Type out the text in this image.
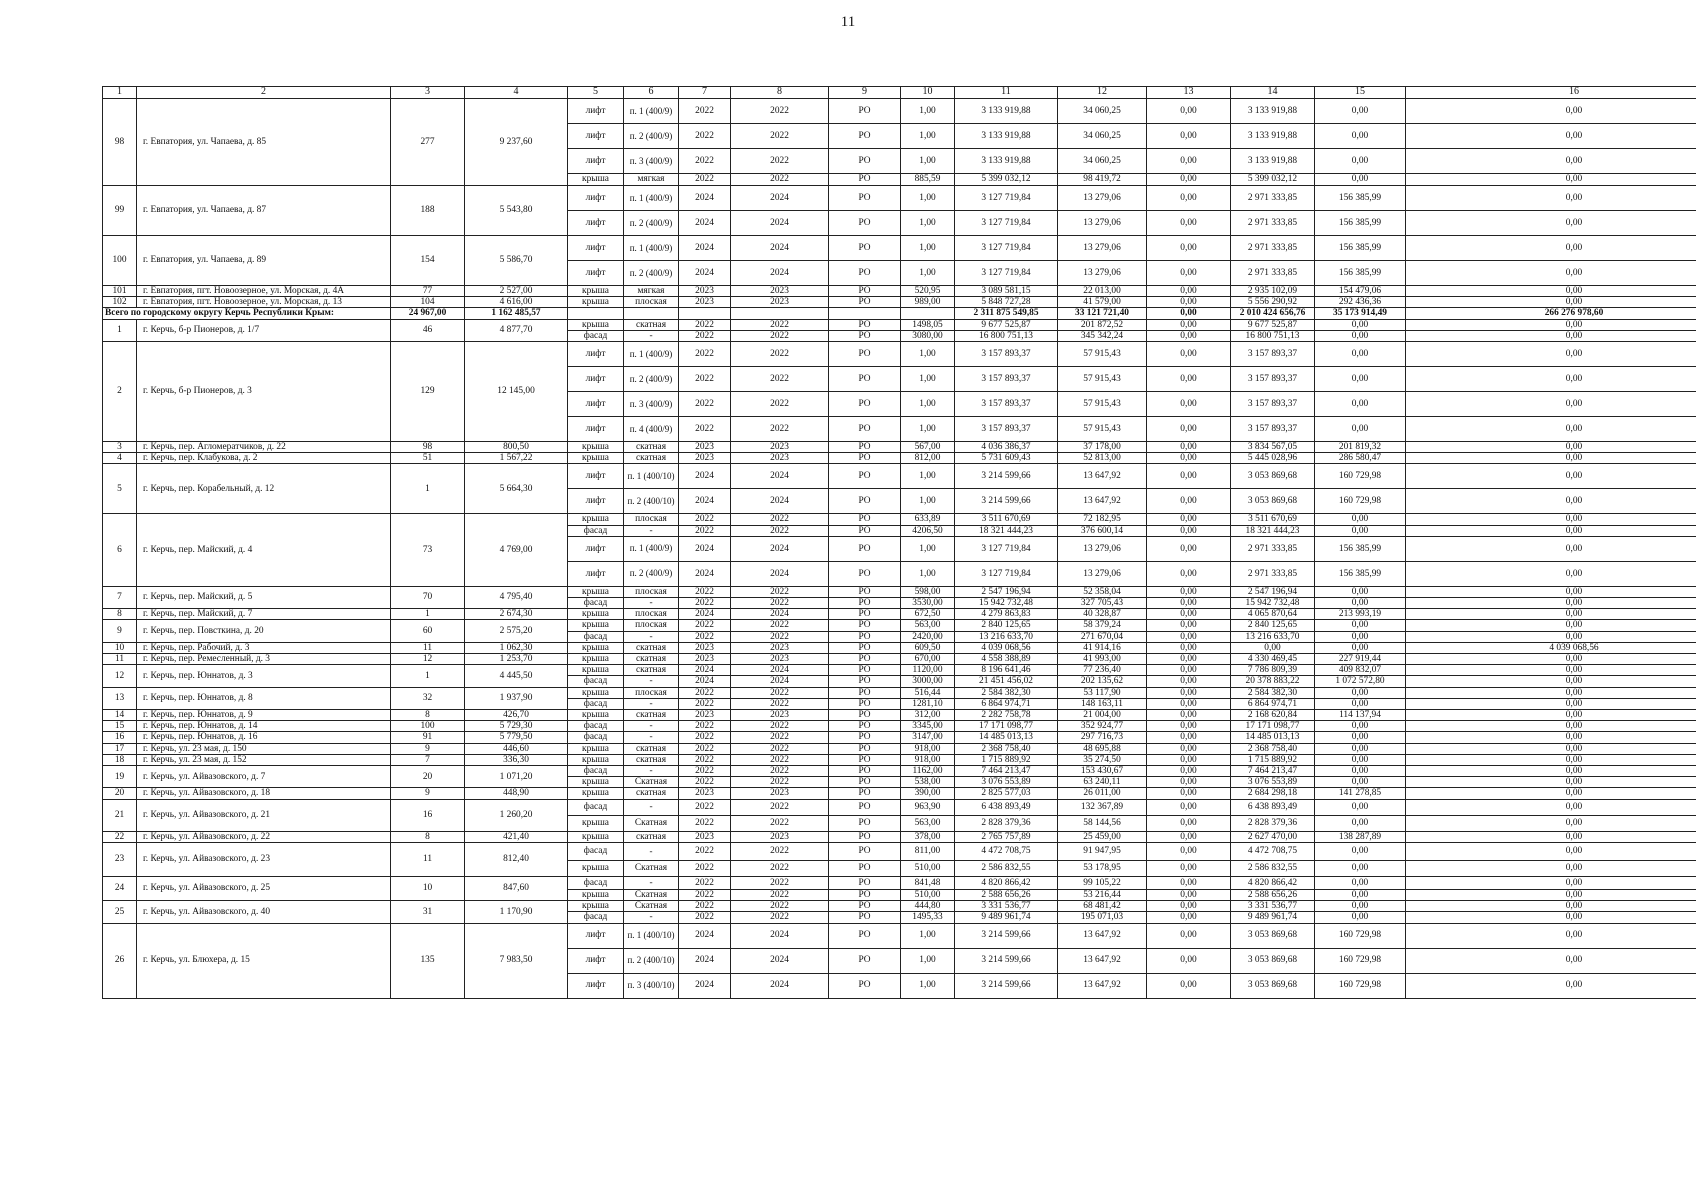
11
1	2	3	4	5	6	7	8	9	10	11	12	13	14	15	16
98	г. Евпатория, ул. Чапаева, д. 85	277	9 237,60	лифт	п. 1 (400/9)	2022	2022	РО	1,00	3 133 919,88	34 060,25	0,00	3 133 919,88	0,00	0,00
				лифт	п. 2 (400/9)	2022	2022	РО	1,00	3 133 919,88	34 060,25	0,00	3 133 919,88	0,00	0,00
				лифт	п. 3 (400/9)	2022	2022	РО	1,00	3 133 919,88	34 060,25	0,00	3 133 919,88	0,00	0,00
				крыша	мягкая	2022	2022	РО	885,59	5 399 032,12	98 419,72	0,00	5 399 032,12	0,00	0,00
99	г. Евпатория, ул. Чапаева, д. 87	188	5 543,80	лифт	п. 1 (400/9)	2024	2024	РО	1,00	3 127 719,84	13 279,06	0,00	2 971 333,85	156 385,99	0,00
				лифт	п. 2 (400/9)	2024	2024	РО	1,00	3 127 719,84	13 279,06	0,00	2 971 333,85	156 385,99	0,00
100	г. Евпатория, ул. Чапаева, д. 89	154	5 586,70	лифт	п. 1 (400/9)	2024	2024	РО	1,00	3 127 719,84	13 279,06	0,00	2 971 333,85	156 385,99	0,00
				лифт	п. 2 (400/9)	2024	2024	РО	1,00	3 127 719,84	13 279,06	0,00	2 971 333,85	156 385,99	0,00
101	г. Евпатория, пгт. Новоозерное, ул. Морская, д. 4А	77	2 527,00	крыша	мягкая	2023	2023	РО	520,95	3 089 581,15	22 013,00	0,00	2 935 102,09	154 479,06	0,00
102	г. Евпатория, пгт. Новоозерное, ул. Морская, д. 13	104	4 616,00	крыша	плоская	2023	2023	РО	989,00	5 848 727,28	41 579,00	0,00	5 556 290,92	292 436,36	0,00
Всего по городскому округу Керчь Республики Крым:		24 967,00	1 162 485,57							2 311 875 549,85	33 121 721,40	0,00	2 010 424 656,76	35 173 914,49	266 276 978,60
1	г. Керчь, б-р Пионеров, д. 1/7	46	4 877,70	крыша	скатная	2022	2022	РО	1498,05	9 677 525,87	201 872,52	0,00	9 677 525,87	0,00	0,00
				фасад	-	2022	2022	РО	3080,00	16 800 751,13	345 342,24	0,00	16 800 751,13	0,00	0,00
2	г. Керчь, б-р Пионеров, д. 3	129	12 145,00	лифт	п. 1 (400/9)	2022	2022	РО	1,00	3 157 893,37	57 915,43	0,00	3 157 893,37	0,00	0,00
				лифт	п. 2 (400/9)	2022	2022	РО	1,00	3 157 893,37	57 915,43	0,00	3 157 893,37	0,00	0,00
				лифт	п. 3 (400/9)	2022	2022	РО	1,00	3 157 893,37	57 915,43	0,00	3 157 893,37	0,00	0,00
				лифт	п. 4 (400/9)	2022	2022	РО	1,00	3 157 893,37	57 915,43	0,00	3 157 893,37	0,00	0,00
3	г. Керчь, пер. Агломератчиков, д. 22	98	800,50	крыша	скатная	2023	2023	РО	567,00	4 036 386,37	37 178,00	0,00	3 834 567,05	201 819,32	0,00
4	г. Керчь, пер. Клабукова, д. 2	51	1 567,22	крыша	скатная	2023	2023	РО	812,00	5 731 609,43	52 813,00	0,00	5 445 028,96	286 580,47	0,00
5	г. Керчь, пер. Корабельный, д. 12	1	5 664,30	лифт	п. 1 (400/10)	2024	2024	РО	1,00	3 214 599,66	13 647,92	0,00	3 053 869,68	160 729,98	0,00
				лифт	п. 2 (400/10)	2024	2024	РО	1,00	3 214 599,66	13 647,92	0,00	3 053 869,68	160 729,98	0,00
6	г. Керчь, пер. Майский, д. 4	73	4 769,00	крыша	плоская	2022	2022	РО	633,89	3 511 670,69	72 182,95	0,00	3 511 670,69	0,00	0,00
				фасад	-	2022	2022	РО	4206,50	18 321 444,23	376 600,14	0,00	18 321 444,23	0,00	0,00
				лифт	п. 1 (400/9)	2024	2024	РО	1,00	3 127 719,84	13 279,06	0,00	2 971 333,85	156 385,99	0,00
				лифт	п. 2 (400/9)	2024	2024	РО	1,00	3 127 719,84	13 279,06	0,00	2 971 333,85	156 385,99	0,00
7	г. Керчь, пер. Майский, д. 5	70	4 795,40	крыша	плоская	2022	2022	РО	598,00	2 547 196,94	52 358,04	0,00	2 547 196,94	0,00	0,00
				фасад	-	2022	2022	РО	3530,00	15 942 732,48	327 705,43	0,00	15 942 732,48	0,00	0,00
8	г. Керчь, пер. Майский, д. 7	1	2 674,30	крыша	плоская	2024	2024	РО	672,50	4 279 863,83	40 328,87	0,00	4 065 870,64	213 993,19	0,00
9	г. Керчь, пер. Повсткина, д. 20	60	2 575,20	крыша	плоская	2022	2022	РО	563,00	2 840 125,65	58 379,24	0,00	2 840 125,65	0,00	0,00
				фасад	-	2022	2022	РО	2420,00	13 216 633,70	271 670,04	0,00	13 216 633,70	0,00	0,00
10	г. Керчь, пер. Рабочий, д. 3	11	1 062,30	крыша	скатная	2023	2023	РО	609,50	4 039 068,56	41 914,16	0,00	0,00	0,00	4 039 068,56
11	г. Керчь, пер. Ремесленный, д. 3	12	1 253,70	крыша	скатная	2023	2023	РО	670,00	4 558 388,89	41 993,00	0,00	4 330 469,45	227 919,44	0,00
12	г. Керчь, пер. Юннатов, д. 3	1	4 445,50	крыша	скатная	2024	2024	РО	1120,00	8 196 641,46	77 236,40	0,00	7 786 809,39	409 832,07	0,00
				фасад	-	2024	2024	РО	3000,00	21 451 456,02	202 135,62	0,00	20 378 883,22	1 072 572,80	0,00
13	г. Керчь, пер. Юннатов, д. 8	32	1 937,90	крыша	плоская	2022	2022	РО	516,44	2 584 382,30	53 117,90	0,00	2 584 382,30	0,00	0,00
				фасад	-	2022	2022	РО	1281,10	6 864 974,71	148 163,11	0,00	6 864 974,71	0,00	0,00
14	г. Керчь, пер. Юннатов, д. 9	8	426,70	крыша	скатная	2023	2023	РО	312,00	2 282 758,78	21 004,00	0,00	2 168 620,84	114 137,94	0,00
15	г. Керчь, пер. Юннатов, д. 14	100	5 729,30	фасад	-	2022	2022	РО	3345,00	17 171 098,77	352 924,77	0,00	17 171 098,77	0,00	0,00
16	г. Керчь, пер. Юннатов, д. 16	91	5 779,50	фасад	-	2022	2022	РО	3147,00	14 485 013,13	297 716,73	0,00	14 485 013,13	0,00	0,00
17	г. Керчь, ул. 23 мая, д. 150	9	446,60	крыша	скатная	2022	2022	РО	918,00	2 368 758,40	48 695,88	0,00	2 368 758,40	0,00	0,00
18	г. Керчь, ул. 23 мая, д. 152	7	336,30	крыша	скатная	2022	2022	РО	918,00	1 715 889,92	35 274,50	0,00	1 715 889,92	0,00	0,00
19	г. Керчь, ул. Айвазовского, д. 7	20	1 071,20	фасад	-	2022	2022	РО	1162,00	7 464 213,47	153 430,67	0,00	7 464 213,47	0,00	0,00
				крыша	Скатная	2022	2022	РО	538,00	3 076 553,89	63 240,11	0,00	3 076 553,89	0,00	0,00
20	г. Керчь, ул. Айвазовского, д. 18	9	448,90	крыша	скатная	2023	2023	РО	390,00	2 825 577,03	26 011,00	0,00	2 684 298,18	141 278,85	0,00
21	г. Керчь, ул. Айвазовского, д. 21	16	1 260,20	фасад	-	2022	2022	РО	963,90	6 438 893,49	132 367,89	0,00	6 438 893,49	0,00	0,00
				крыша	Скатная	2022	2022	РО	563,00	2 828 379,36	58 144,56	0,00	2 828 379,36	0,00	0,00
22	г. Керчь, ул. Айвазовского, д. 22	8	421,40	крыша	скатная	2023	2023	РО	378,00	2 765 757,89	25 459,00	0,00	2 627 470,00	138 287,89	0,00
23	г. Керчь, ул. Айвазовского, д. 23	11	812,40	фасад	-	2022	2022	РО	811,00	4 472 708,75	91 947,95	0,00	4 472 708,75	0,00	0,00
				крыша	Скатная	2022	2022	РО	510,00	2 586 832,55	53 178,95	0,00	2 586 832,55	0,00	0,00
24	г. Керчь, ул. Айвазовского, д. 25	10	847,60	фасад	-	2022	2022	РО	841,48	4 820 866,42	99 105,22	0,00	4 820 866,42	0,00	0,00
				крыша	Скатная	2022	2022	РО	510,00	2 588 656,26	53 216,44	0,00	2 588 656,26	0,00	0,00
25	г. Керчь, ул. Айвазовского, д. 40	31	1 170,90	крыша	Скатная	2022	2022	РО	444,80	3 331 536,77	68 481,42	0,00	3 331 536,77	0,00	0,00
				фасад	-	2022	2022	РО	1495,33	9 489 961,74	195 071,03	0,00	9 489 961,74	0,00	0,00
26	г. Керчь, ул. Блюхера, д. 15	135	7 983,50	лифт	п. 1 (400/10)	2024	2024	РО	1,00	3 214 599,66	13 647,92	0,00	3 053 869,68	160 729,98	0,00
				лифт	п. 2 (400/10)	2024	2024	РО	1,00	3 214 599,66	13 647,92	0,00	3 053 869,68	160 729,98	0,00
				лифт	п. 3 (400/10)	2024	2024	РО	1,00	3 214 599,66	13 647,92	0,00	3 053 869,68	160 729,98	0,00
